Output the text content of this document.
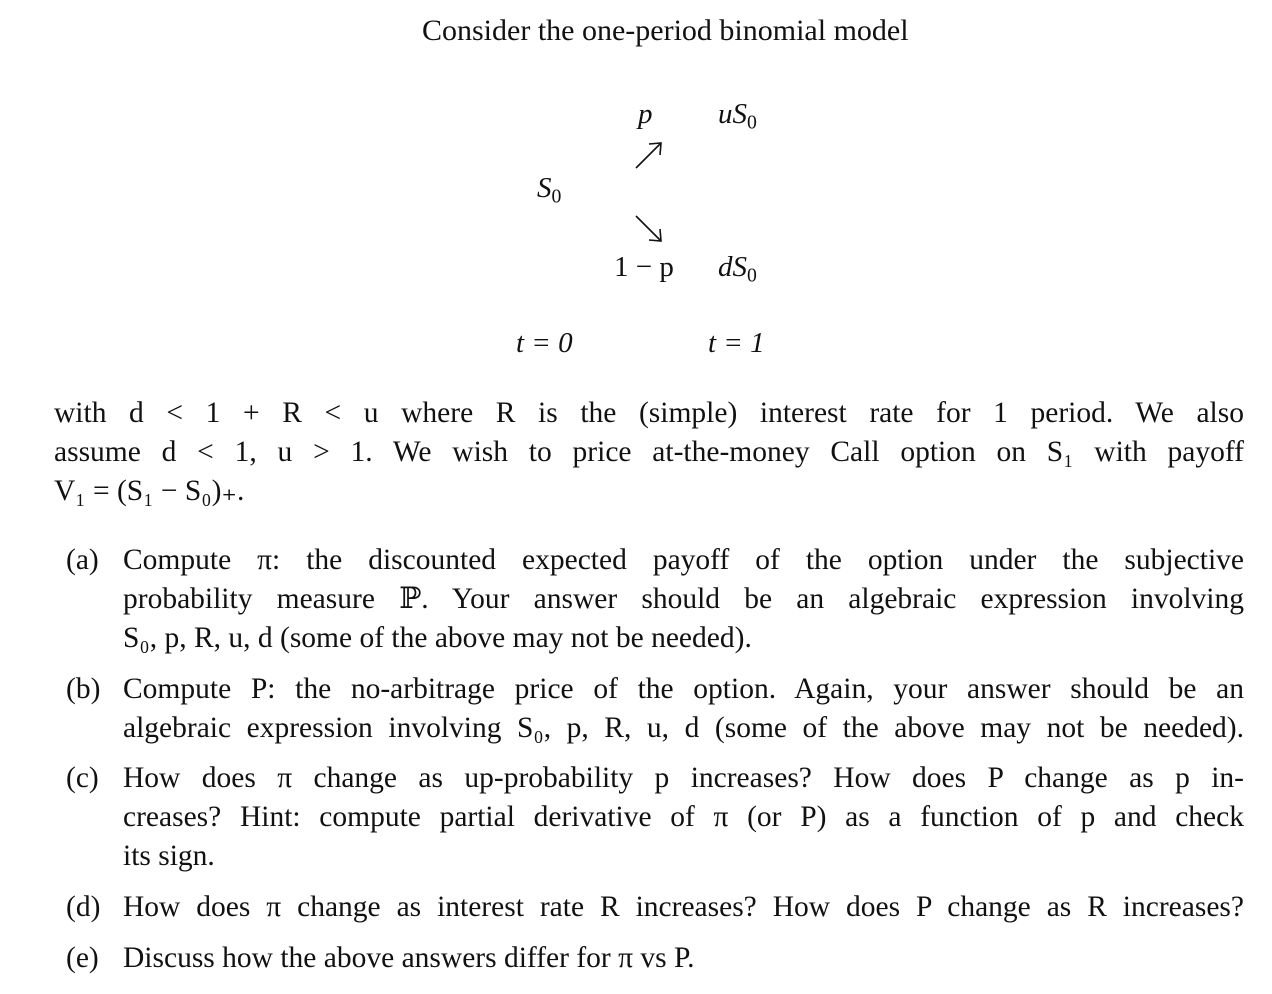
Consider the one-period binomial model
p $uS_0$
$S_0$
1 − p $dS_0$
t = 0	t = 1
with d < 1 + R < u where R is the (simple) interest rate for 1 period. We also
assume d < 1, u > 1. We wish to price at-the-money Call option on S₁ with payoff
V₁ = (S₁ − S₀)₊.
(a) Compute π: the discounted expected payoff of the option under the subjective
probability measure ℙ. Your answer should be an algebraic expression involving
S₀, p, R, u, d (some of the above may not be needed).
(b) Compute P: the no-arbitrage price of the option. Again, your answer should be an
algebraic expression involving S₀, p, R, u, d (some of the above may not be needed).
(c) How does π change as up-probability p increases? How does P change as p in-
creases? Hint: compute partial derivative of π (or P) as a function of p and check
its sign.
(d) How does π change as interest rate R increases? How does P change as R increases?
(e) Discuss how the above answers differ for π vs P.
